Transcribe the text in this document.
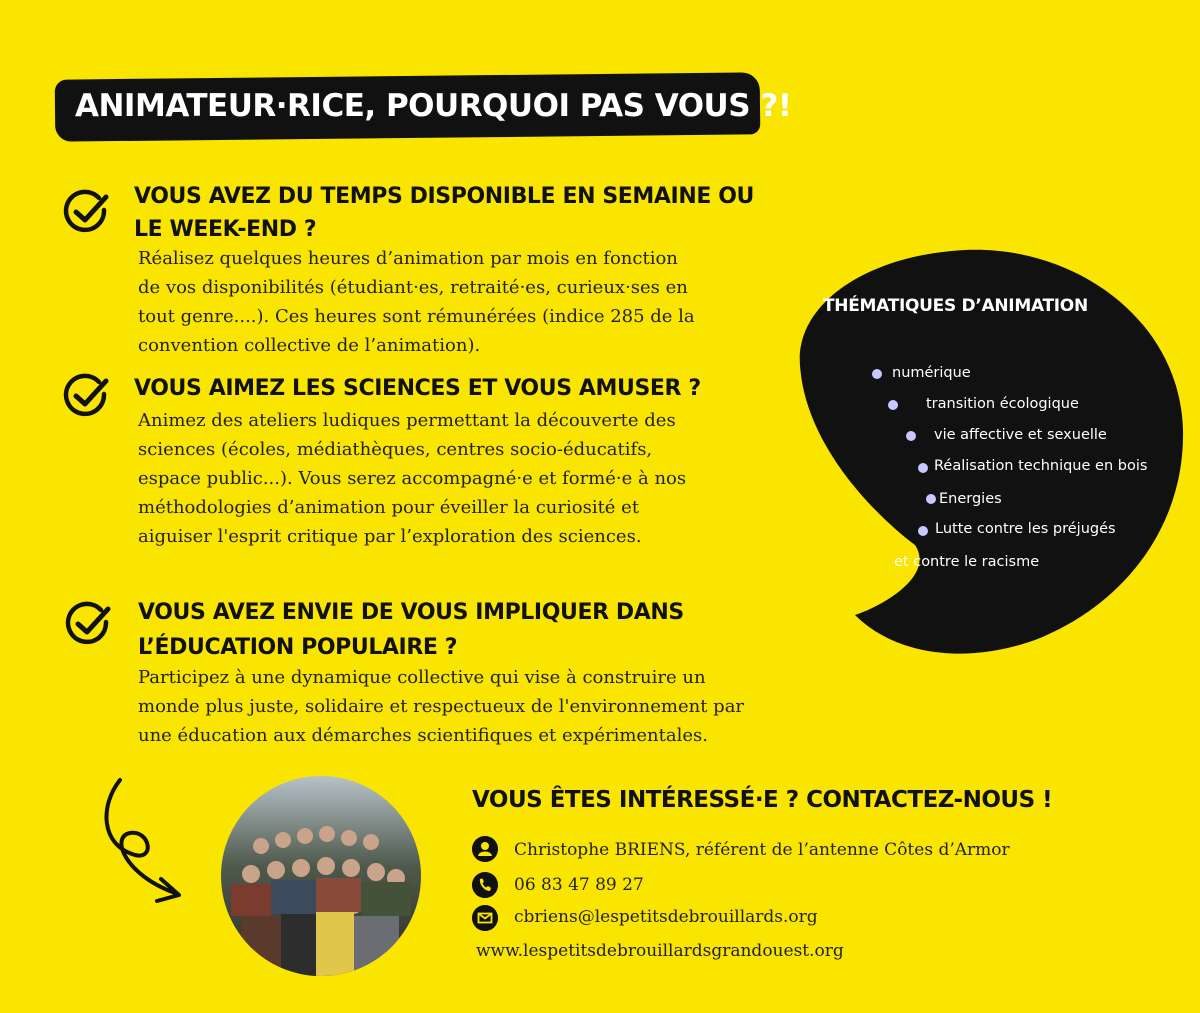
ANIMATEUR·RICE, POURQUOI PAS VOUS ?!
VOUS AVEZ DU TEMPS DISPONIBLE EN SEMAINE OU
LE WEEK-END ?
Réalisez quelques heures d’animation par mois en fonction
de vos disponibilités (étudiant·es, retraité·es, curieux·ses en
tout genre....). Ces heures sont rémunérées (indice 285 de la
convention collective de l’animation).
VOUS AIMEZ LES SCIENCES ET VOUS AMUSER ?
Animez des ateliers ludiques permettant la découverte des
sciences (écoles, médiathèques, centres socio-éducatifs,
espace public...). Vous serez accompagné·e et formé·e à nos
méthodologies d’animation pour éveiller la curiosité et
aiguiser l'esprit critique par l’exploration des sciences.
VOUS AVEZ ENVIE DE VOUS IMPLIQUER DANS
L’ÉDUCATION POPULAIRE ?
Participez à une dynamique collective qui vise à construire un
monde plus juste, solidaire et respectueux de l'environnement par
une éducation aux démarches scientifiques et expérimentales.
THÉMATIQUES D’ANIMATION
numérique
transition écologique
vie affective et sexuelle
Réalisation technique en bois
Energies
Lutte contre les préjugés
et contre le racisme
VOUS ÊTES INTÉRESSÉ·E ? CONTACTEZ-NOUS !
Christophe BRIENS, référent de l’antenne Côtes d’Armor
06 83 47 89 27
cbriens@lespetitsdebrouillards.org
www.lespetitsdebrouillardsgrandouest.org
